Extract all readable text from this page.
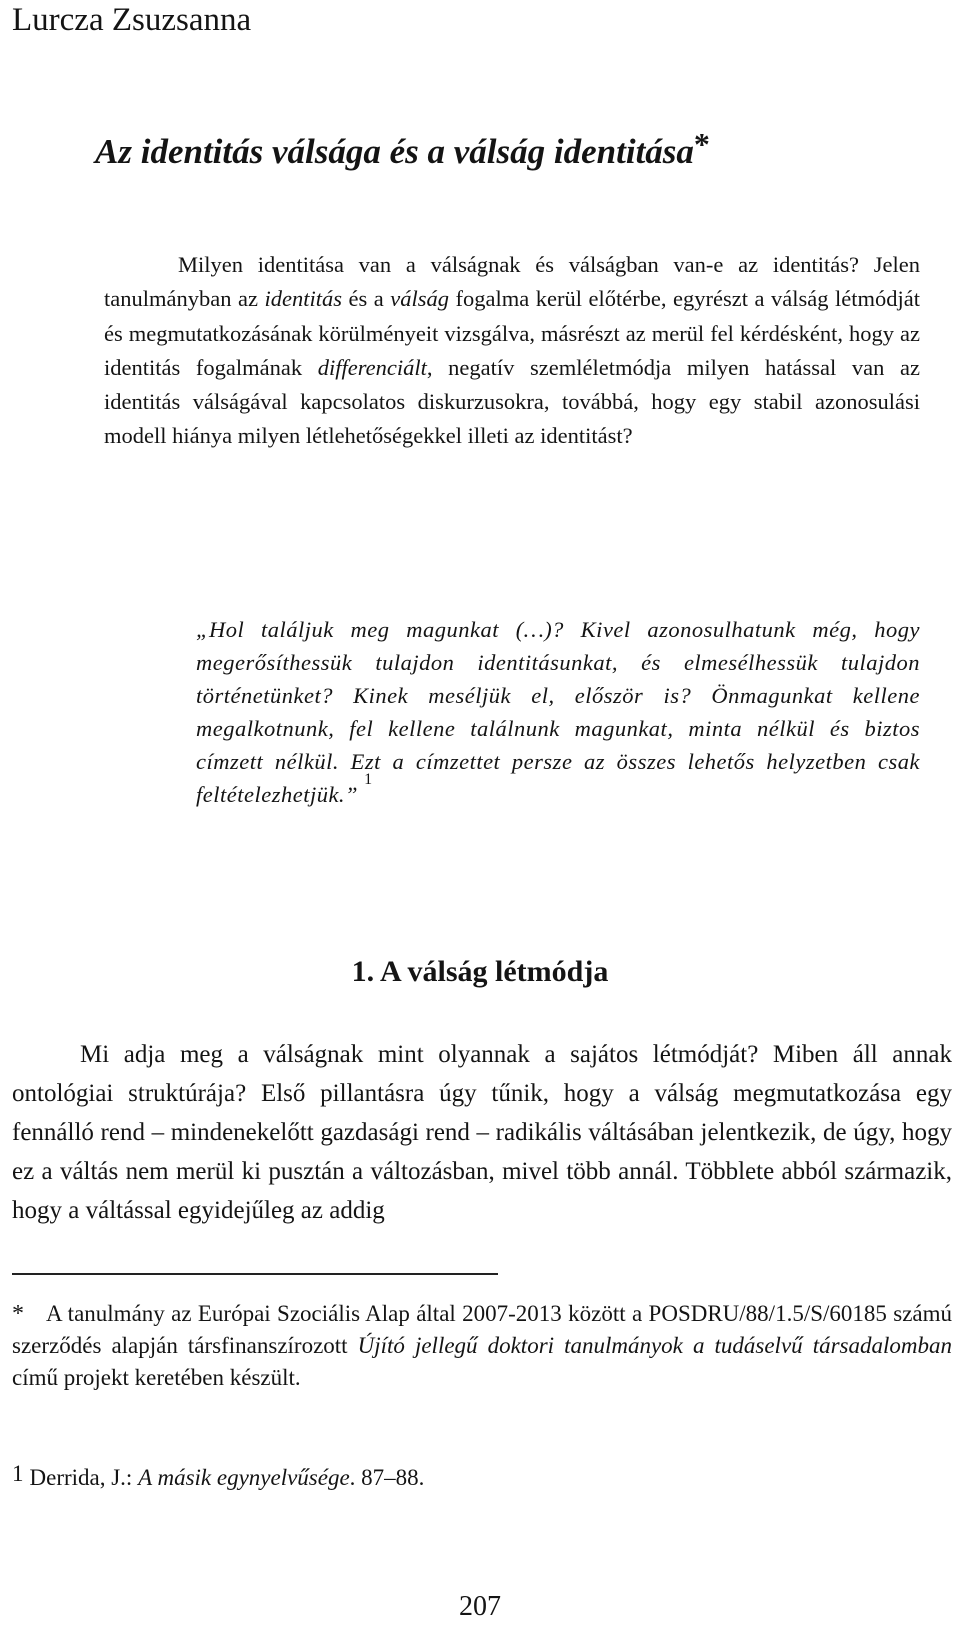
Lurcza Zsuzsanna
Az identitás válsága és a válság identitása*
Milyen identitása van a válságnak és válságban van-e az identitás? Jelen tanulmányban az identitás és a válság fogalma kerül előtérbe, egyrészt a válság létmódját és megmutatkozásának körülményeit vizsgálva, másrészt az merül fel kérdésként, hogy az identitás fogalmának differenciált, negatív szemléletmódja milyen hatással van az identitás válságával kapcsolatos diskurzusokra, továbbá, hogy egy stabil azonosulási modell hiánya milyen létlehetőségekkel illeti az identitást?
„Hol találjuk meg magunkat (…)? Kivel azonosulhatunk még, hogy megerősíthessük tulajdon identitásunkat, és elmesélhessük tulajdon történetünket? Kinek meséljük el, először is? Önmagunkat kellene megalkotnunk, fel kellene találnunk magunkat, minta nélkül és biztos címzett nélkül. Ezt a címzettet persze az összes lehetős helyzetben csak feltételezhetjük.”$^1$
1. A válság létmódja
Mi adja meg a válságnak mint olyannak a sajátos létmódját? Miben áll annak ontológiai struktúrája? Első pillantásra úgy tűnik, hogy a válság megmutatkozása egy fennálló rend – mindenekelőtt gazdasági rend – radikális váltásában jelentkezik, de úgy, hogy ez a váltás nem merül ki pusztán a változásban, mivel több annál. Többlete abból származik, hogy a váltással egyidejűleg az addig
* A tanulmány az Európai Szociális Alap által 2007-2013 között a POSDRU/88/1.5/S/60185 számú szerződés alapján társfinanszírozott Újító jellegű doktori tanulmányok a tudáselvű társadalomban című projekt keretében készült.
1 Derrida, J.: A másik egynyelvűsége. 87–88.
207
